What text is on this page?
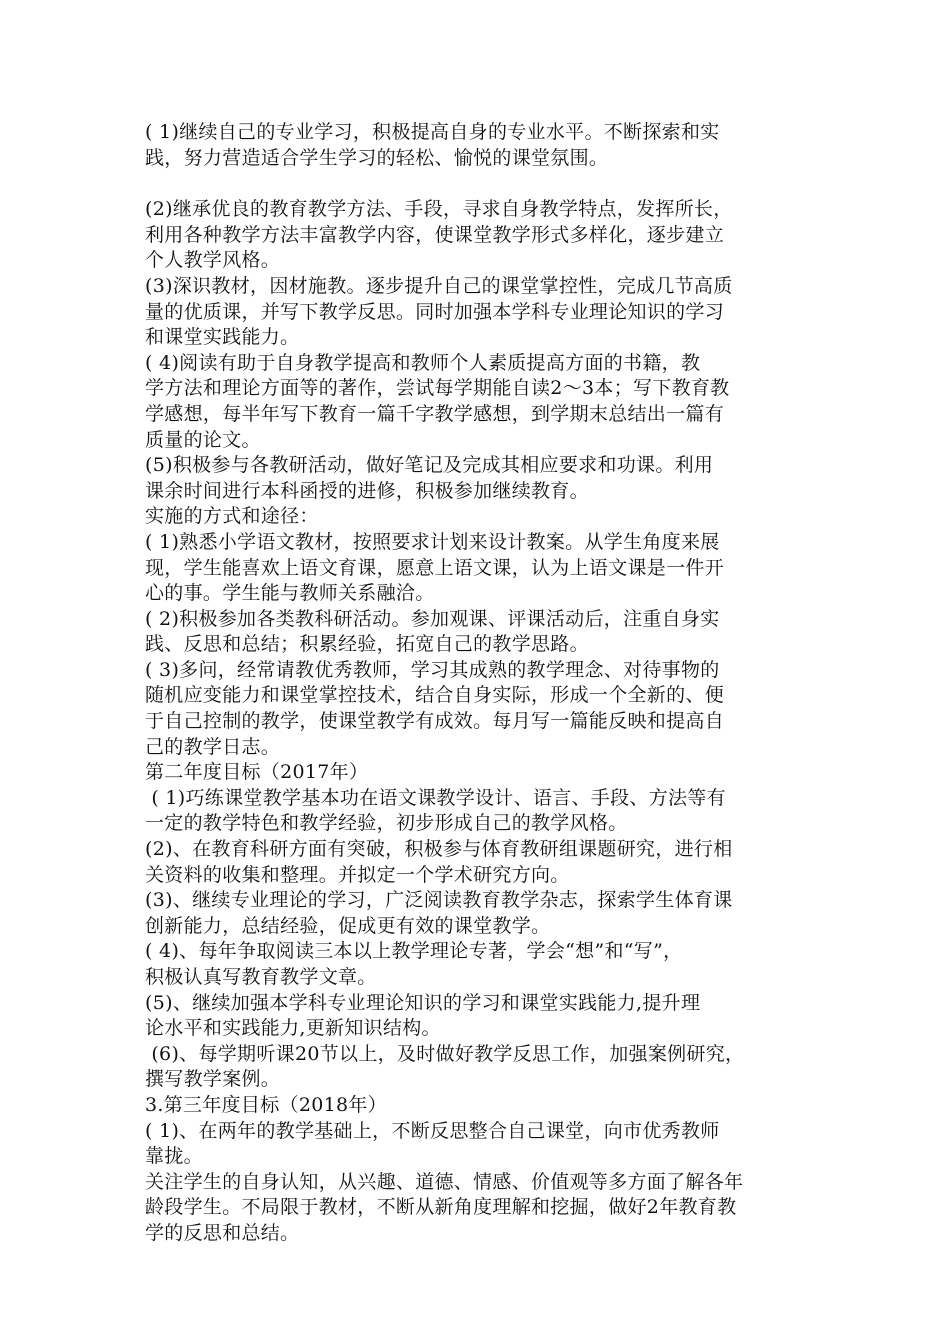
( 1)继续自己的专业学习，积极提高自身的专业水平。不断探索和实
践，努力营造适合学生学习的轻松、愉悦的课堂氛围。
(2)继承优良的教育教学方法、手段，寻求自身教学特点，发挥所长，
利用各种教学方法丰富教学内容，使课堂教学形式多样化，逐步建立
个人教学风格。
(3)深识教材，因材施教。逐步提升自己的课堂掌控性，完成几节高质
量的优质课，并写下教学反思。同时加强本学科专业理论知识的学习
和课堂实践能力。
( 4)阅读有助于自身教学提高和教师个人素质提高方面的书籍，教
学方法和理论方面等的著作，尝试每学期能自读2～3本；写下教育教
学感想，每半年写下教育一篇千字教学感想，到学期末总结出一篇有
质量的论文。
(5)积极参与各教研活动，做好笔记及完成其相应要求和功课。利用
课余时间进行本科函授的进修，积极参加继续教育。
实施的方式和途径：
( 1)熟悉小学语文教材，按照要求计划来设计教案。从学生角度来展
现，学生能喜欢上语文育课，愿意上语文课，认为上语文课是一件开
心的事。学生能与教师关系融洽。
( 2)积极参加各类教科研活动。参加观课、评课活动后，注重自身实
践、反思和总结；积累经验，拓宽自己的教学思路。
( 3)多问，经常请教优秀教师，学习其成熟的教学理念、对待事物的
随机应变能力和课堂掌控技术，结合自身实际，形成一个全新的、便
于自己控制的教学，使课堂教学有成效。每月写一篇能反映和提高自
己的教学日志。
第二年度目标（2017年）
( 1)巧练课堂教学基本功在语文课教学设计、语言、手段、方法等有
一定的教学特色和教学经验，初步形成自己的教学风格。
(2)、在教育科研方面有突破，积极参与体育教研组课题研究，进行相
关资料的收集和整理。并拟定一个学术研究方向。
(3)、继续专业理论的学习，广泛阅读教育教学杂志，探索学生体育课
创新能力，总结经验，促成更有效的课堂教学。
( 4)、每年争取阅读三本以上教学理论专著，学会“想”和“写”，
积极认真写教育教学文章。
(5)、继续加强本学科专业理论知识的学习和课堂实践能力,提升理
论水平和实践能力,更新知识结构。
(6)、每学期听课20节以上，及时做好教学反思工作，加强案例研究，
撰写教学案例。
3.第三年度目标（2018年）
( 1)、在两年的教学基础上，不断反思整合自己课堂，向市优秀教师
靠拢。
关注学生的自身认知，从兴趣、道德、情感、价值观等多方面了解各年
龄段学生。不局限于教材，不断从新角度理解和挖掘，做好2年教育教
学的反思和总结。
